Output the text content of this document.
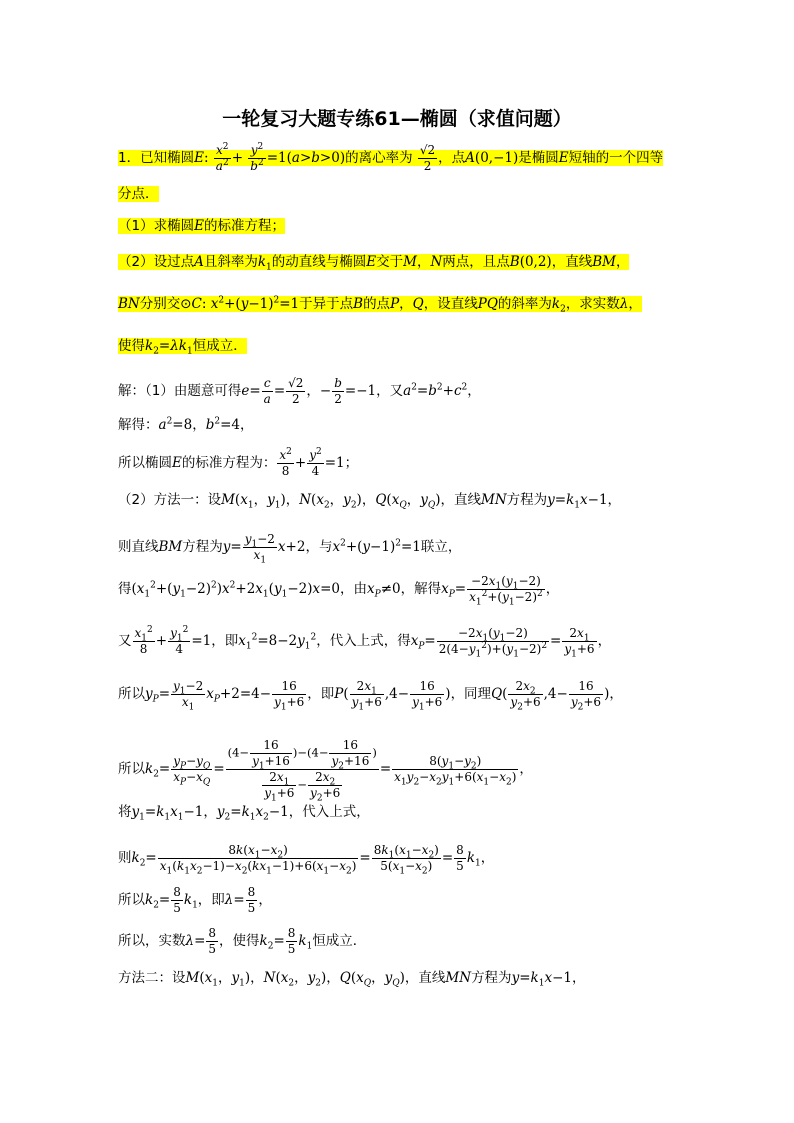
一轮复习大题专练61—椭圆（求值问题）
1．已知椭圆E: $\frac{x^2}{a^2} + \frac{y^2}{b^2} =1(a>b>0)$的离心率为 $\frac{√2}{2}$ ，点A(0,−1)是椭圆E短轴的一个四等
分点．
（1）求椭圆E的标准方程；
（2）设过点A且斜率为$k_1$的动直线与椭圆E交于M，N两点，且点B(0,2)，直线BM，
BN分别交⊙C: $x^2+(y-1)^2=1$于异于点B的点P，Q，设直线PQ的斜率为$k_2$，求实数λ，
使得$k_2=\lambda k_1$恒成立．
解：（1）由题意可得$e= \frac{c}{a} = \frac{√2}{2}$ ，− $\frac{b}{2} =-1$，又$a^2=b^2+c^2$，
解得：$a^2=8$，$b^2=4$，
所以椭圆E的标准方程为： $\frac{x^2}{8} + \frac{y^2}{4} =1$；
（2）方法一：设$M(x_1$，$y_1$)，$N(x_2$，$y_2$)，$Q(x_Q$，$y_Q$)，直线MN方程为$y=k_1x-1$，
则直线BM方程为$y= \frac{y_1-2}{x_1} x+2$，与$x^2+(y-1)^2=1$联立，
得$(x_1^2+(y_1-2)^2)x^2+2x_1(y_1-2)x=0$，由$x_P\ne 0$，解得$x_P= \frac{-2x_1(y_1-2)}{x_1^2+(y_1-2)^2}$ ，
又 $\frac{x_1^2}{8} + \frac{y_1^2}{4} =1$，即$x_1^2=8-2y_1^2$，代入上式，得$x_P= \frac{-2x_1(y_1-2)}{2(4-y_1^2)+(y_1-2)^2} = \frac{2x_1}{y_1+6}$ ，
所以$y_P= \frac{y_1-2}{x_1} x_P+2=4- \frac{16}{y_1+6}$ ，即$P( \frac{2x_1}{y_1+6} ,4- \frac{16}{y_1+6}$ )，同理$Q( \frac{2x_2}{y_2+6} ,4- \frac{16}{y_2+6}$ )，
所以$k_2= \frac{y_P-y_Q}{x_P-x_Q} = \frac{(4- \frac{16}{y_1+16} )-(4- \frac{16}{y_2+16} )}{\frac{2x_1}{y_1+6} - \frac{2x_2}{y_2+6}} = \frac{8(y_1-y_2)}{x_1y_2-x_2y_1+6(x_1-x_2)}$ ，
将$y_1=k_1x_1-1$，$y_2=k_1x_2-1$，代入上式，
则$k_2= \frac{8k(x_1-x_2)}{x_1(k_1x_2-1)-x_2(kx_1-1)+6(x_1-x_2)} = \frac{8k_1(x_1-x_2)}{5(x_1-x_2)} = \frac{8}{5} k_1$，
所以$k_2= \frac{8}{5} k_1$，即$\lambda= \frac{8}{5}$ ，
所以，实数$\lambda= \frac{8}{5}$ ，使得$k_2= \frac{8}{5} k_1$恒成立．
方法二：设$M(x_1$，$y_1$)，$N(x_2$，$y_2$)，$Q(x_Q$，$y_Q$)，直线MN方程为$y=k_1x-1$，
